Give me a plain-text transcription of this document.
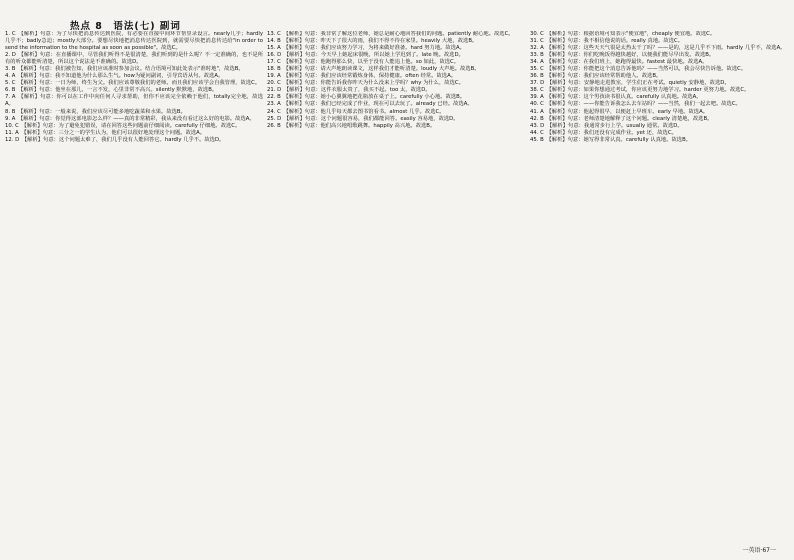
热点 8　语法(七) 副词

1. C　【解析】句意：为了尽快把消息传达到医院，有必要在直接中间环节帮里录设言。nearly几乎；hardly几乎不；badly急迫；mostly大部分。要想尽快地把消息传达医院到，就需要尽快把消息传达给"in order to send the information to the hospital as soon as possible"。故选C。

2. D　【解析】句意：在直播课中，尽管我们听得不是很清楚，我们听到的是什么呢？不一定准确的，也不是所有的听众都能听清楚，所以这个说法是不准确的。故选D。

3. B　【解析】句意：我们被告知，我们应该准时参加会议。结合语境可知此处表示"准时地"，故选B。

4. A　【解析】句意：我不知道他为什么那么生气。how为疑问副词，引导宾语从句。故选A。

5. C　【解析】句意：一日为师，终生为父。我们应该尊敬我们的老师。而且我们应该学会自我管理，故选C。

6. B　【解析】句意：他坐在那儿，一言不发，心里非常不高兴。silently 默默地，故选B。

7. A　【解析】句意：你可以在工作中向任何人寻求帮助，但你不应该完全依赖于他们，totally完全地，故选A。

8. B　【解析】句意：一般来说，我们应该尽可能多地吃蔬菜和水果。故选B。

9. A　【解析】句意：你觉得这部电影怎么样？——真的非常精彩，我从来没有看过这么好的电影。故选A。

10. C　【解析】句意：为了避免犯错误，请在回答这些问题前仔细阅读。carefully 仔细地。故选C。

11. A　【解析】句意：三分之一的学生认为，他们可以很好地处理这个问题。故选A。

12. D　【解析】句意：这个问题太难了，我们几乎没有人能回答它。hardly 几乎不。故选D。

13. C　【解析】句意：我非常了解这位老师，她总是耐心地回答我们的问题。patiently 耐心地。故选C。

14. B　【解析】句意：昨天下了很大的雨，我们不得不待在家里。heavily 大地，故选B。

15. A　【解析】句意：我们应该努力学习，为将来做好准备。hard 努力地。故选A。

16. D　【解析】句意：今天早上她起床很晚，所以她上学迟到了。late 晚。故选D。

17. C　【解析】句意：他跑得那么快，以至于没有人能追上他。so 如此，故选C。

18. B　【解析】句意：请大声地朗读课文，这样我们才能听清楚。loudly 大声地。故选B。

19. A　【解析】句意：我们应该经常锻炼身体，保持健康。often 经常。故选A。

20. C　【解析】句意：你能告诉我你昨天为什么没来上学吗？why 为什么，故选C。

21. D　【解析】句意：这件衣服太贵了，我买不起。too 太，故选D。

22. B　【解析】句意：她小心翼翼地把花瓶放在桌子上。carefully 小心地。故选B。

23. A　【解析】句意：我们已经完成了作业，现在可以去玩了。already 已经。故选A。

24. C　【解析】句意：他几乎每天都去图书馆看书。almost 几乎。故选C。

25. D　【解析】句意：这个问题很容易，我们都能回答。easily 容易地，故选D。

26. B　【解析】句意：他们高兴地唱歌跳舞。happily 高兴地。故选B。

30. C　【解析】句意：根据语境可知表示"便宜地"，cheaply 便宜地。故选C。

31. C　【解析】句意：我不相信他说的话。really 真地。故选C。

32. A　【解析】句意：这些天天气很是太热太干了吗？——是的，这是几乎不下雨。hardly 几乎不，故选A。

33. B　【解析】句意：你们吃晚饭得越快越好，以便我们能尽早出发。故选B。

34. A　【解析】句意：在我们班上，她跑得最快。fastest 最快地。故选A。

35. C　【解析】句意：你能把这个消息告诉他吗？——当然可以，我会尽快告诉他。故选C。

36. B　【解析】句意：我们应该经常帮助他人。故选B。

37. D　【解析】句意：安静地走进教室，学生们正在考试。quietly 安静地，故选D。

38. C　【解析】句意：如果你想通过考试，你应该更努力地学习。harder 更努力地。故选C。

39. A　【解析】句意：这个男孩读书很认真。carefully 认真地。故选A。

40. C　【解析】句意：——你能告诉我怎么去车站吗？——当然，我们一起去吧。故选C。

41. A　【解析】句意：他起得很早，以便赶上早班车。early 早地。故选A。

42. B　【解析】句意：老师清楚地解释了这个问题。clearly 清楚地，故选B。

43. D　【解析】句意：我通常步行上学。usually 通常。故选D。

44. C　【解析】句意：我们还没有完成作业。yet 还，故选C。

45. B　【解析】句意：她写得非常认真。carefully 认真地。故选B。

一英语·67一
